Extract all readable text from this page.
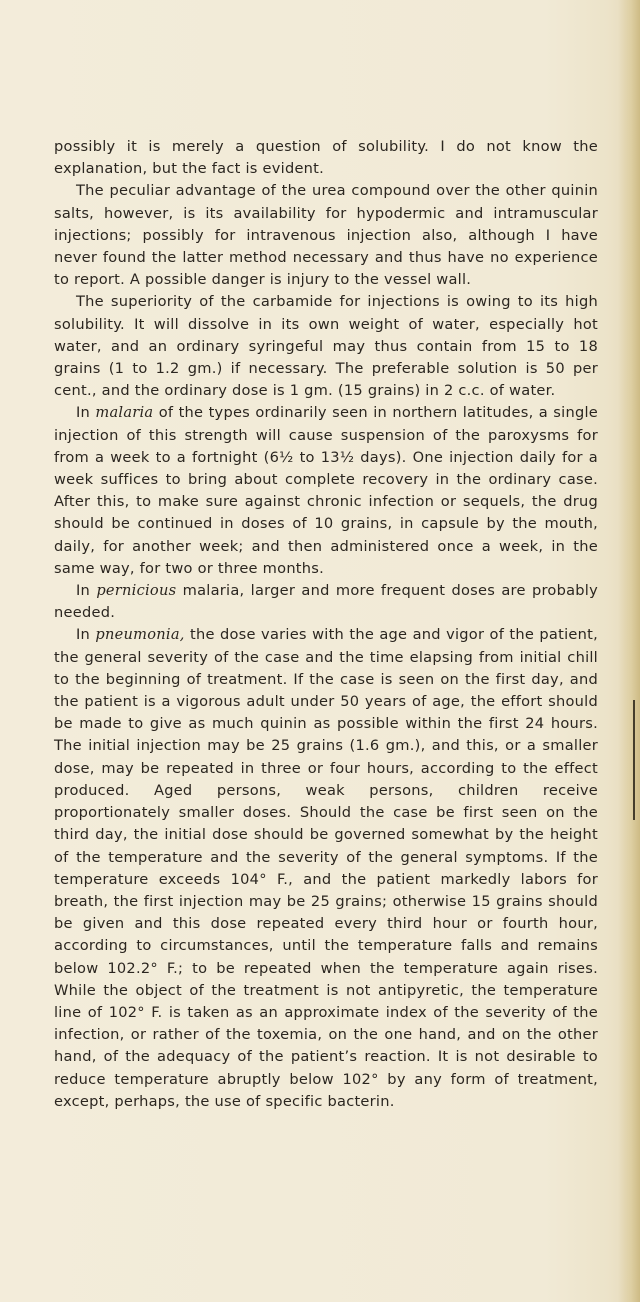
possibly it is merely a question of solubility. I do not know the explanation, but the fact is evident.

The peculiar advantage of the urea compound over the other quinin salts, however, is its availability for hypodermic and intramuscular injections; possibly for intravenous injection also, although I have never found the latter method necessary and thus have no experience to report. A possible danger is injury to the vessel wall.

The superiority of the carbamide for injections is owing to its high solubility. It will dissolve in its own weight of water, especially hot water, and an ordinary syringeful may thus contain from 15 to 18 grains (1 to 1.2 gm.) if necessary. The preferable solution is 50 per cent., and the ordinary dose is 1 gm. (15 grains) in 2 c.c. of water.

In malaria of the types ordinarily seen in northern latitudes, a single injection of this strength will cause suspension of the paroxysms for from a week to a fortnight (6½ to 13½ days). One injection daily for a week suffices to bring about complete recovery in the ordinary case. After this, to make sure against chronic infection or sequels, the drug should be continued in doses of 10 grains, in capsule by the mouth, daily, for another week; and then administered once a week, in the same way, for two or three months.

In pernicious malaria, larger and more frequent doses are probably needed.

In pneumonia, the dose varies with the age and vigor of the patient, the general severity of the case and the time elapsing from initial chill to the beginning of treatment. If the case is seen on the first day, and the patient is a vigorous adult under 50 years of age, the effort should be made to give as much quinin as possible within the first 24 hours. The initial injection may be 25 grains (1.6 gm.), and this, or a smaller dose, may be repeated in three or four hours, according to the effect produced. Aged persons, weak persons, children receive proportionately smaller doses. Should the case be first seen on the third day, the initial dose should be governed somewhat by the height of the temperature and the severity of the general symptoms. If the temperature exceeds 104° F., and the patient markedly labors for breath, the first injection may be 25 grains; otherwise 15 grains should be given and this dose repeated every third hour or fourth hour, according to circumstances, until the temperature falls and remains below 102.2° F.; to be repeated when the temperature again rises. While the object of the treatment is not antipyretic, the temperature line of 102° F. is taken as an approximate index of the severity of the infection, or rather of the toxemia, on the one hand, and on the other hand, of the adequacy of the patient’s reaction. It is not desirable to reduce temperature abruptly below 102° by any form of treatment, except, perhaps, the use of specific bacterin.
